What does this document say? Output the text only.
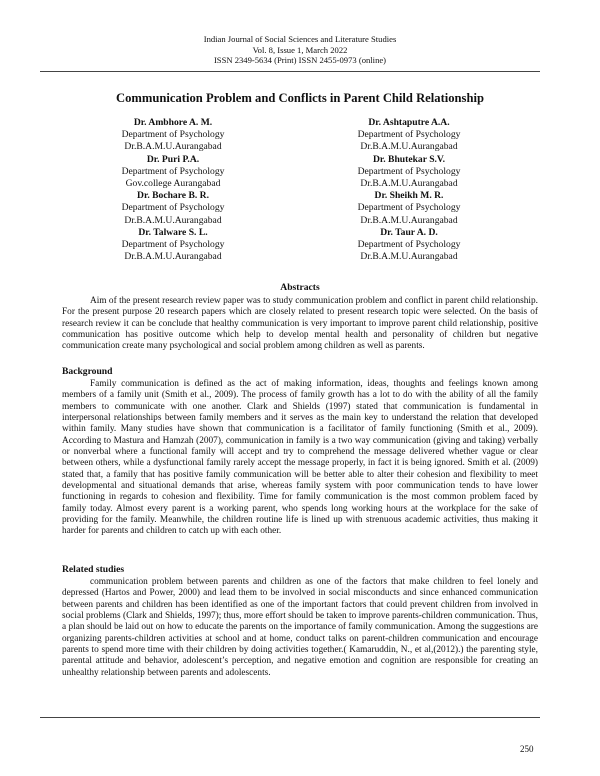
Indian Journal of Social Sciences and Literature Studies
Vol. 8, Issue 1, March 2022
ISSN 2349-5634 (Print) ISSN 2455-0973 (online)
Communication Problem and Conflicts in Parent Child Relationship
Dr. Ambhore A. M.
Department of Psychology
Dr.B.A.M.U.Aurangabad
Dr. Puri P.A.
Department of Psychology
Gov.college Aurangabad
Dr. Bochare B. R.
Department of Psychology
Dr.B.A.M.U.Aurangabad
Dr. Talware S. L.
Department of Psychology
Dr.B.A.M.U.Aurangabad
Dr. Ashtaputre A.A.
Department of Psychology
Dr.B.A.M.U.Aurangabad
Dr. Bhutekar S.V.
Department of Psychology
Dr.B.A.M.U.Aurangabad
Dr. Sheikh M. R.
Department of Psychology
Dr.B.A.M.U.Aurangabad
Dr. Taur A. D.
Department of Psychology
Dr.B.A.M.U.Aurangabad
Abstracts

Aim of the present research review paper was to study communication problem and conflict in parent child relationship. For the present purpose 20 research papers which are closely related to present research topic were selected. On the basis of research review it can be conclude that healthy communication is very important to improve parent child relationship, positive communication has positive outcome which help to develop mental health and personality of children but negative communication create many psychological and social problem among children as well as parents.

Background

Family communication is defined as the act of making information, ideas, thoughts and feelings known among members of a family unit (Smith et al., 2009). The process of family growth has a lot to do with the ability of all the family members to communicate with one another. Clark and Shields (1997) stated that communication is fundamental in interpersonal relationships between family members and it serves as the main key to understand the relation that developed within family. Many studies have shown that communication is a facilitator of family functioning (Smith et al., 2009). According to Mastura and Hamzah (2007), communication in family is a two way communication (giving and taking) verbally or nonverbal where a functional family will accept and try to comprehend the message delivered whether vague or clear between others, while a dysfunctional family rarely accept the message properly, in fact it is being ignored. Smith et al. (2009) stated that, a family that has positive family communication will be better able to alter their cohesion and flexibility to meet developmental and situational demands that arise, whereas family system with poor communication tends to have lower functioning in regards to cohesion and flexibility. Time for family communication is the most common problem faced by family today. Almost every parent is a working parent, who spends long working hours at the workplace for the sake of providing for the family. Meanwhile, the children routine life is lined up with strenuous academic activities, thus making it harder for parents and children to catch up with each other.

Related studies

communication problem between parents and children as one of the factors that make children to feel lonely and depressed (Hartos and Power, 2000) and lead them to be involved in social misconducts and since enhanced communication between parents and children has been identified as one of the important factors that could prevent children from involved in social problems (Clark and Shields, 1997); thus, more effort should be taken to improve parents-children communication. Thus, a plan should be laid out on how to educate the parents on the importance of family communication. Among the suggestions are organizing parents-children activities at school and at home, conduct talks on parent-children communication and encourage parents to spend more time with their children by doing activities together.( Kamaruddin, N., et al,(2012).) the parenting style, parental attitude and behavior, adolescent’s perception, and negative emotion and cognition are responsible for creating an unhealthy relationship between parents and adolescents.

250
